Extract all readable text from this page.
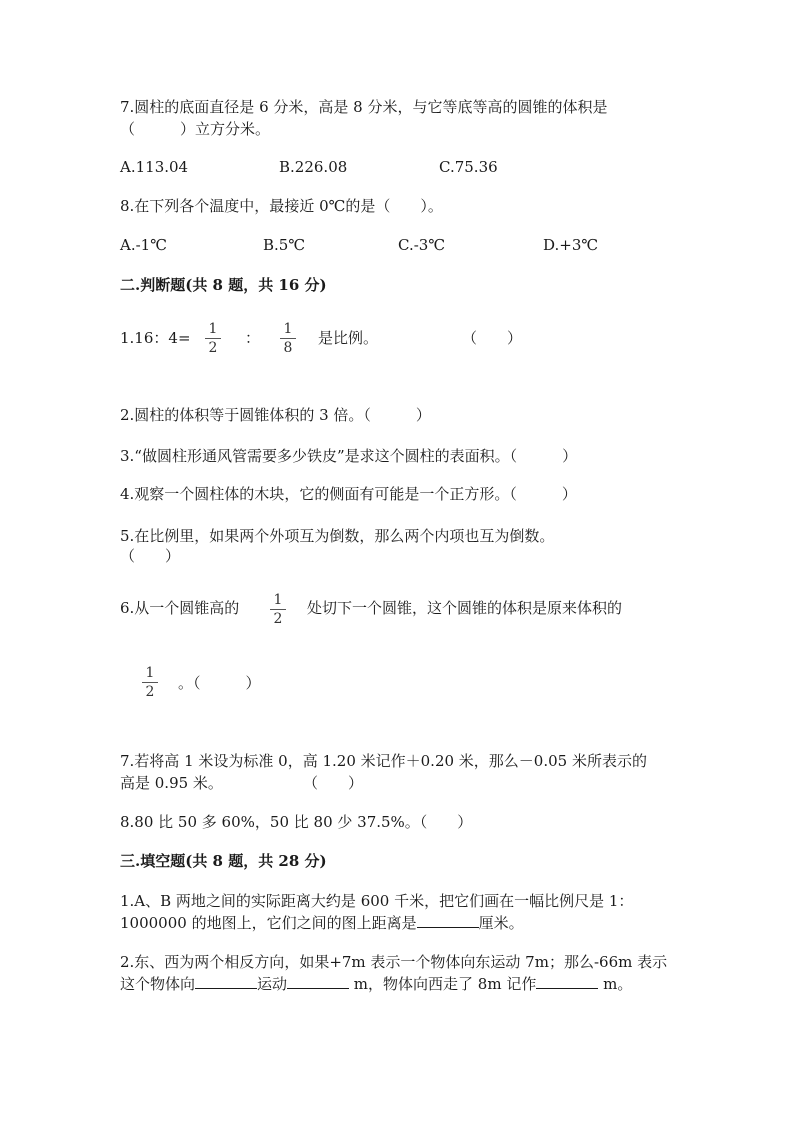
7.圆柱的底面直径是 6 分米，高是 8 分米，与它等底等高的圆锥的体积是
（　　　）立方分米。
A.113.04	B.226.08	C.75.36
8.在下列各个温度中，最接近 0℃的是（　　）。
A.-1℃	B.5℃	C.-3℃	D.+3℃
二.判断题(共 8 题，共 16 分)
1.16：4=	1
2
：	1
8
是比例。	（　　）
2.圆柱的体积等于圆锥体积的 3 倍。（　　　）
3.“做圆柱形通风管需要多少铁皮”是求这个圆柱的表面积。（　　　）
4.观察一个圆柱体的木块，它的侧面有可能是一个正方形。（　　　）
5.在比例里，如果两个外项互为倒数，那么两个内项也互为倒数。
（　　）
6.从一个圆锥高的	1
2
处切下一个圆锥，这个圆锥的体积是原来体积的
1
2	。（　　　）
7.若将高 1 米设为标准 0，高 1.20 米记作＋0.20 米，那么－0.05 米所表示的
高是 0.95 米。	（　　）
8.80 比 50 多 60%，50 比 80 少 37.5%。（　　）
三.填空题(共 8 题，共 28 分)
1.A、B 两地之间的实际距离大约是 600 千米，把它们画在一幅比例尺是 1：
1000000 的地图上，它们之间的图上距离是	厘米。
2.东、西为两个相反方向，如果+7m 表示一个物体向东运动 7m；那么-66m 表示
这个物体向	运动	m，物体向西走了 8m 记作	m。
